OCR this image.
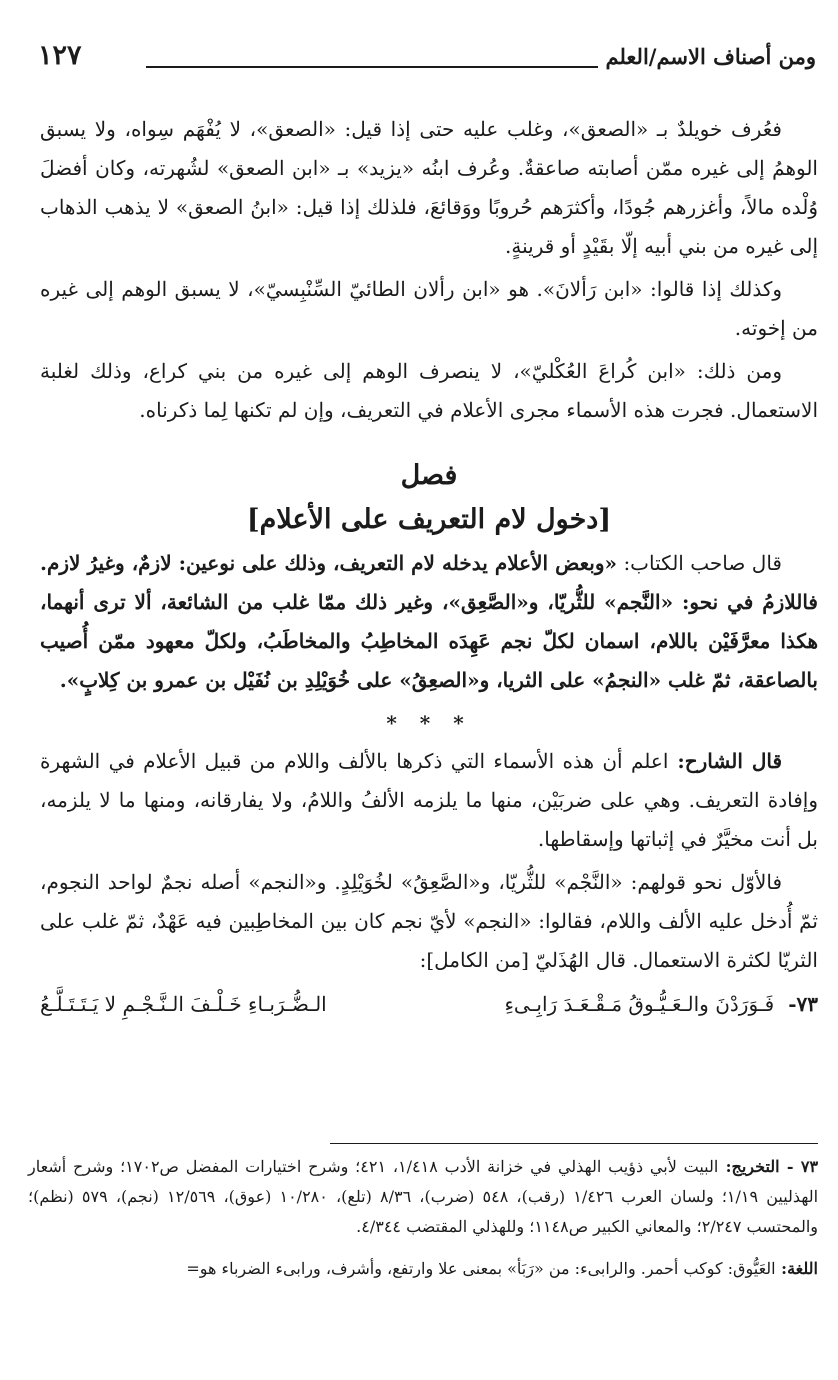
ومن أصناف الاسم/العلم
١٢٧

فعُرف خويلدٌ بـ «الصعق»، وغلب عليه حتى إذا قيل: «الصعق»، لا يُفْهَم سِواه، ولا يسبق الوهمُ إلى غيره ممّن أصابته صاعقةٌ. وعُرف ابنُه «يزيد» بـ «ابن الصعق» لشُهرته، وكان أفضلَ وُلْده مالاً، وأغزرهم جُودًا، وأكثرَهم حُروبًا ووَقائعَ، فلذلك إذا قيل: «ابنُ الصعق» لا يذهب الذهاب إلى غيره من بني أبيه إلّا بقَيْدٍ أو قرينةٍ.

وكذلك إذا قالوا: «ابن رَألانَ». هو «ابن رألان الطائيّ السِّنْبِسيّ»، لا يسبق الوهم إلى غيره من إخوته.

ومن ذلك: «ابن كُراعَ العُكْليّ»، لا ينصرف الوهم إلى غيره من بني كراع، وذلك لغلبة الاستعمال. فجرت هذه الأسماء مجرى الأعلام في التعريف، وإن لم تكنها لِما ذكرناه.

فصل
[دخول لام التعريف على الأعلام]

قال صاحب الكتاب: «وبعض الأعلام يدخله لام التعريف، وذلك على نوعين: لازمٌ، وغيرُ لازم. فاللازمُ في نحو: «النَّجم» للثُّريّا، و«الصَّعِق»، وغير ذلك ممّا غلب من الشائعة، ألا ترى أنهما، هكذا معرَّفَيْن باللام، اسمان لكلّ نجم عَهِدَه المخاطِبُ والمخاطَبُ، ولكلّ معهود ممّن أُصيب بالصاعقة، ثمّ غلب «النجمُ» على الثريا، و«الصعِقُ» على خُوَيْلِدِ بن نُفَيْل بن عمرو بن كِلابٍ».

* * *

قال الشارح: اعلم أن هذه الأسماء التي ذكرها بالألف واللام من قبيل الأعلام في الشهرة وإفادة التعريف. وهي على ضربَيْن، منها ما يلزمه الألفُ واللامُ، ولا يفارقانه، ومنها ما لا يلزمه، بل أنت مخيَّرٌ في إثباتها وإسقاطها.

فالأوّل نحو قولهم: «النَّجْم» للثُّريّا، و«الصَّعِقُ» لخُوَيْلِدٍ. و«النجم» أصله نجمٌ لواحد النجوم، ثمّ أُدخل عليه الألف واللام، فقالوا: «النجم» لأيّ نجم كان بين المخاطِبين فيه عَهْدٌ، ثمّ غلب على الثريّا لكثرة الاستعمال. قال الهُذَليّ [من الكامل]:

٧٣-
فَـوَرَدْنَ والـعَـيُّـوقُ مَـقْـعَـدَ رَابِـىءِ
الـضُّـرَبـاءِ خَـلْـفَ الـنَّـجْـمِ لا يَـتَـتَـلَّـعُ

٧٣ - التخريج: البيت لأبي ذؤيب الهذلي في خزانة الأدب ١/٤١٨، ٤٢١؛ وشرح اختيارات المفضل ص١٧٠٢؛ وشرح أشعار الهذليين ١/١٩؛ ولسان العرب ١/٤٢٦ (رقب)، ٥٤٨ (ضرب)، ٨/٣٦ (تلع)، ١٠/٢٨٠ (عوق)، ١٢/٥٦٩ (نجم)، ٥٧٩ (نظم)؛ والمحتسب ٢/٢٤٧؛ والمعاني الكبير ص١١٤٨؛ وللهذلي المقتضب ٤/٣٤٤.

اللغة: العَيُّوق: كوكب أحمر. والرابىء: من «رَبَأ» بمعنى علا وارتفع، وأشرف، ورابىء الضرباء هو=
